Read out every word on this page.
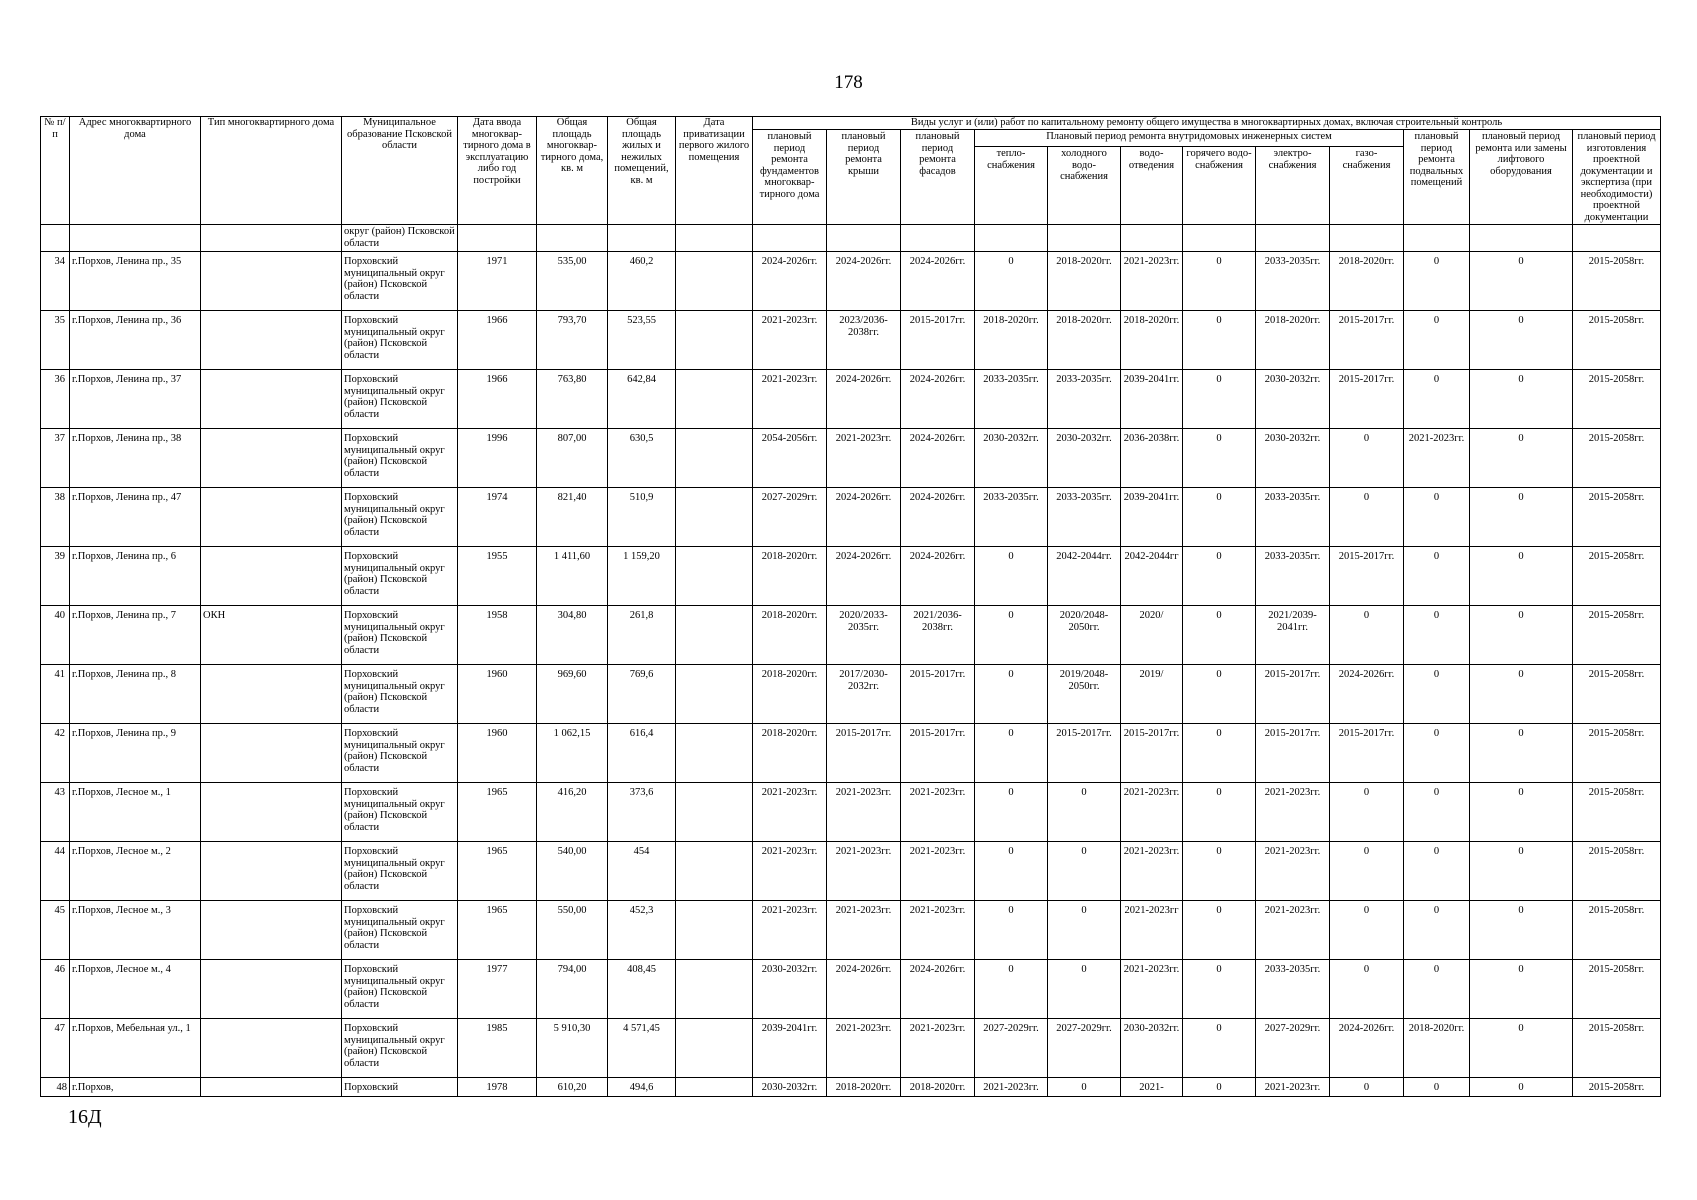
178
№ п/п	Адрес многоквартирного дома	Тип многоквартирного дома	Муниципальное образование Псковской области	Дата ввода многоквар-тирного дома в эксплуатацию либо год постройки	Общая площадь многоквар-тирного дома, кв. м	Общая площадь жилых и нежилых помещений, кв. м	Дата приватизации первого жилого помещения	Виды услуг и (или) работ по капитальному ремонту общего имущества в многоквартирных домах, включая строительный контроль											
								плановый период ремонта фундаментов многоквар-тирного дома	плановый период ремонта крыши	плановый период ремонта фасадов	Плановый период ремонта внутридомовых инженерных систем						плановый период ремонта подвальных помещений	плановый период ремонта или замены лифтового оборудования	плановый период изготовления проектной документации и экспертиза (при необходимости) проектной документации
											тепло-снабжения	холодного водо-снабжения	водо-отведения	горячего водо-снабжения	электро-снабжения	газо-снабжения			
			округ (район) Псковской области																
34	г.Порхов, Ленина пр., 35		Порховский муниципальный округ (район) Псковской области	1971	535,00	460,2		2024-2026гг.	2024-2026гг.	2024-2026гг.	0	2018-2020гг.	2021-2023гг.	0	2033-2035гг.	2018-2020гг.	0	0	2015-2058гг.
35	г.Порхов, Ленина пр., 36		Порховский муниципальный округ (район) Псковской области	1966	793,70	523,55		2021-2023гг.	2023/2036-2038гг.	2015-2017гг.	2018-2020гг.	2018-2020гг.	2018-2020гг.	0	2018-2020гг.	2015-2017гг.	0	0	2015-2058гг.
36	г.Порхов, Ленина пр., 37		Порховский муниципальный округ (район) Псковской области	1966	763,80	642,84		2021-2023гг.	2024-2026гг.	2024-2026гг.	2033-2035гг.	2033-2035гг.	2039-2041гг.	0	2030-2032гг.	2015-2017гг.	0	0	2015-2058гг.
37	г.Порхов, Ленина пр., 38		Порховский муниципальный округ (район) Псковской области	1996	807,00	630,5		2054-2056гг.	2021-2023гг.	2024-2026гг.	2030-2032гг.	2030-2032гг.	2036-2038гг.	0	2030-2032гг.	0	2021-2023гг.	0	2015-2058гг.
38	г.Порхов, Ленина пр., 47		Порховский муниципальный округ (район) Псковской области	1974	821,40	510,9		2027-2029гг.	2024-2026гг.	2024-2026гг.	2033-2035гг.	2033-2035гг.	2039-2041гг.	0	2033-2035гг.	0	0	0	2015-2058гг.
39	г.Порхов, Ленина пр., 6		Порховский муниципальный округ (район) Псковской области	1955	1 411,60	1 159,20		2018-2020гг.	2024-2026гг.	2024-2026гг.	0	2042-2044гг.	2042-2044гг	0	2033-2035гг.	2015-2017гг.	0	0	2015-2058гг.
40	г.Порхов, Ленина пр., 7	ОКН	Порховский муниципальный округ (район) Псковской области	1958	304,80	261,8		2018-2020гг.	2020/2033-2035гг.	2021/2036-2038гг.	0	2020/2048-2050гг.	2020/	0	2021/2039-2041гг.	0	0	0	2015-2058гг.
41	г.Порхов, Ленина пр., 8		Порховский муниципальный округ (район) Псковской области	1960	969,60	769,6		2018-2020гг.	2017/2030-2032гг.	2015-2017гг.	0	2019/2048-2050гг.	2019/	0	2015-2017гг.	2024-2026гг.	0	0	2015-2058гг.
42	г.Порхов, Ленина пр., 9		Порховский муниципальный округ (район) Псковской области	1960	1 062,15	616,4		2018-2020гг.	2015-2017гг.	2015-2017гг.	0	2015-2017гг.	2015-2017гг.	0	2015-2017гг.	2015-2017гг.	0	0	2015-2058гг.
43	г.Порхов, Лесное м., 1		Порховский муниципальный округ (район) Псковской области	1965	416,20	373,6		2021-2023гг.	2021-2023гг.	2021-2023гг.	0	0	2021-2023гг.	0	2021-2023гг.	0	0	0	2015-2058гг.
44	г.Порхов, Лесное м., 2		Порховский муниципальный округ (район) Псковской области	1965	540,00	454		2021-2023гг.	2021-2023гг.	2021-2023гг.	0	0	2021-2023гг.	0	2021-2023гг.	0	0	0	2015-2058гг.
45	г.Порхов, Лесное м., 3		Порховский муниципальный округ (район) Псковской области	1965	550,00	452,3		2021-2023гг.	2021-2023гг.	2021-2023гг.	0	0	2021-2023гг	0	2021-2023гг.	0	0	0	2015-2058гг.
46	г.Порхов, Лесное м., 4		Порховский муниципальный округ (район) Псковской области	1977	794,00	408,45		2030-2032гг.	2024-2026гг.	2024-2026гг.	0	0	2021-2023гг.	0	2033-2035гг.	0	0	0	2015-2058гг.
47	г.Порхов, Мебельная ул., 1		Порховский муниципальный округ (район) Псковской области	1985	5 910,30	4 571,45		2039-2041гг.	2021-2023гг.	2021-2023гг.	2027-2029гг.	2027-2029гг.	2030-2032гг.	0	2027-2029гг.	2024-2026гг.	2018-2020гг.	0	2015-2058гг.
48	г.Порхов,		Порховский	1978	610,20	494,6		2030-2032гг.	2018-2020гг.	2018-2020гг.	2021-2023гг.	0	2021-	0	2021-2023гг.	0	0	0	2015-2058гг.
16Д
